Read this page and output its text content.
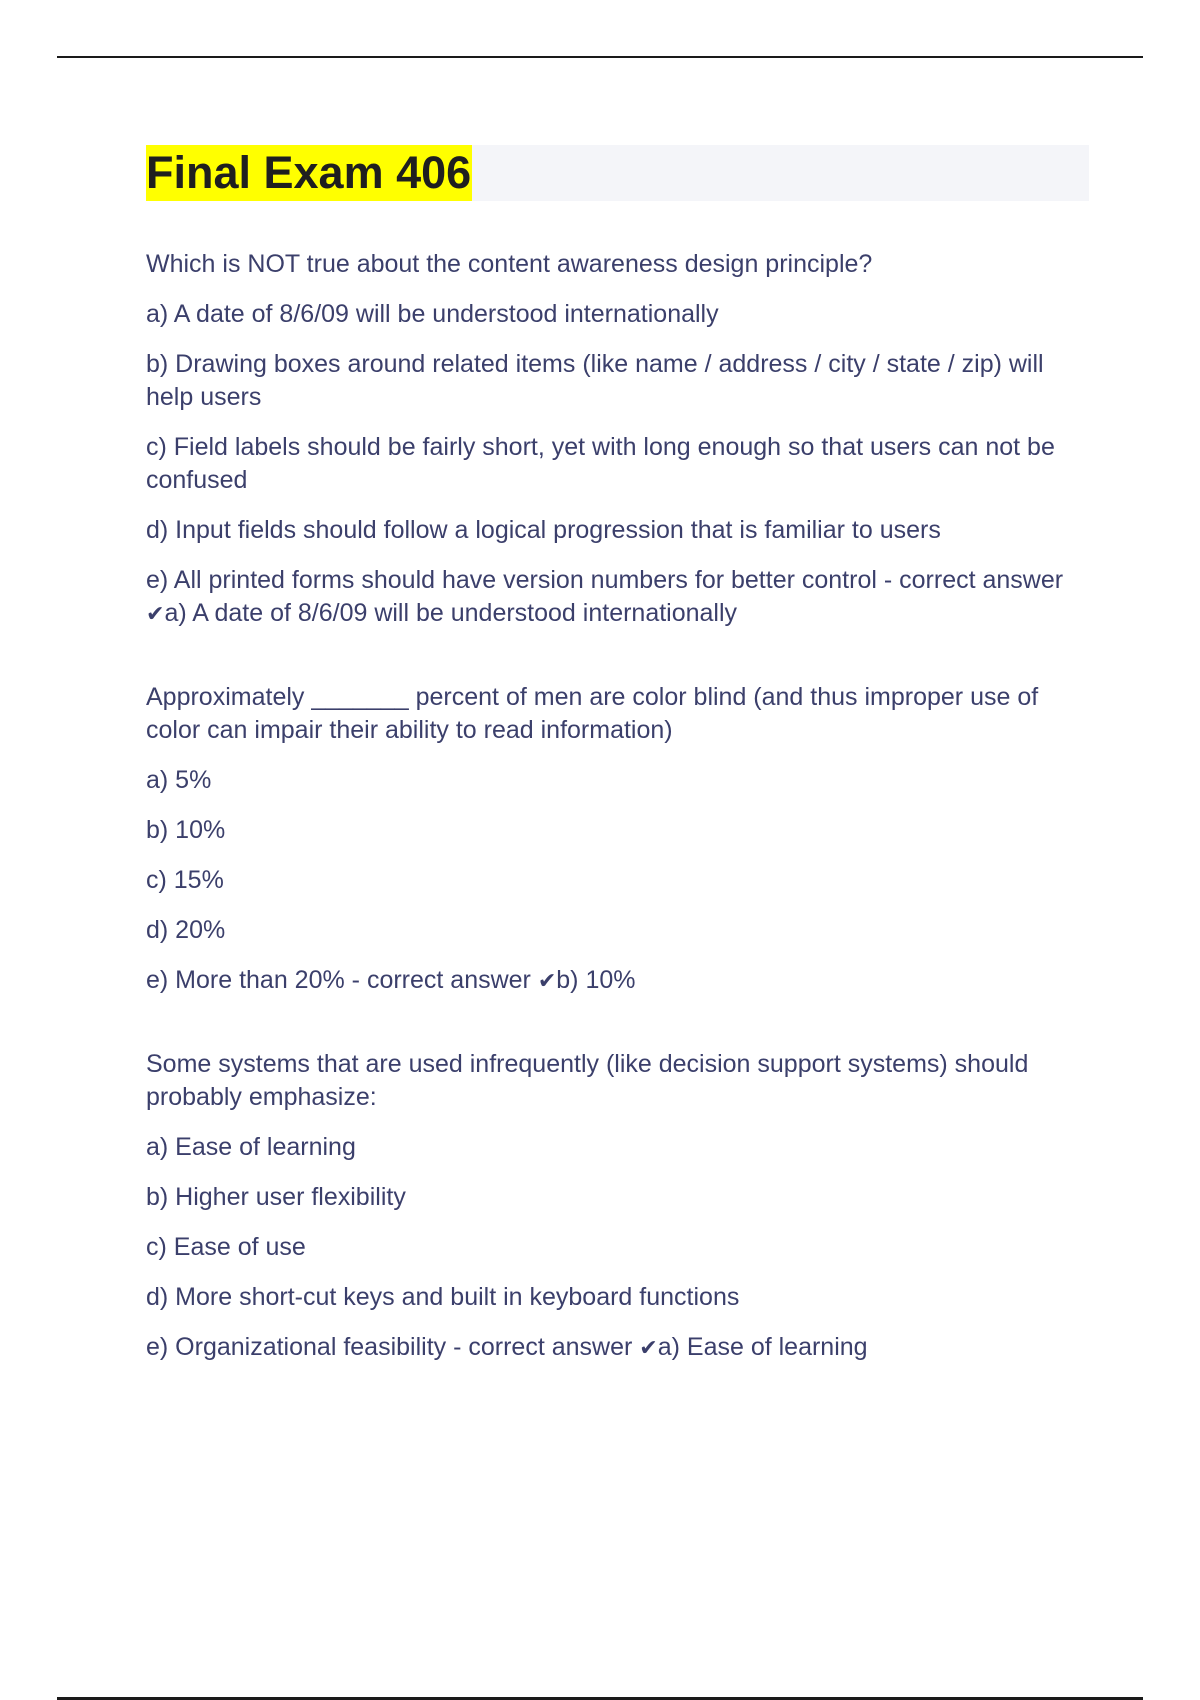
Final Exam 406

Which is NOT true about the content awareness design principle?

a) A date of 8/6/09 will be understood internationally

b) Drawing boxes around related items (like name / address / city / state / zip) will help users

c) Field labels should be fairly short, yet with long enough so that users can not be confused

d) Input fields should follow a logical progression that is familiar to users

e) All printed forms should have version numbers for better control - correct answer ✔a) A date of 8/6/09 will be understood internationally

Approximately _______ percent of men are color blind (and thus improper use of color can impair their ability to read information)

a) 5%

b) 10%

c) 15%

d) 20%

e) More than 20% - correct answer ✔b) 10%

Some systems that are used infrequently (like decision support systems) should probably emphasize:

a) Ease of learning

b) Higher user flexibility

c) Ease of use

d) More short-cut keys and built in keyboard functions

e) Organizational feasibility - correct answer ✔a) Ease of learning
